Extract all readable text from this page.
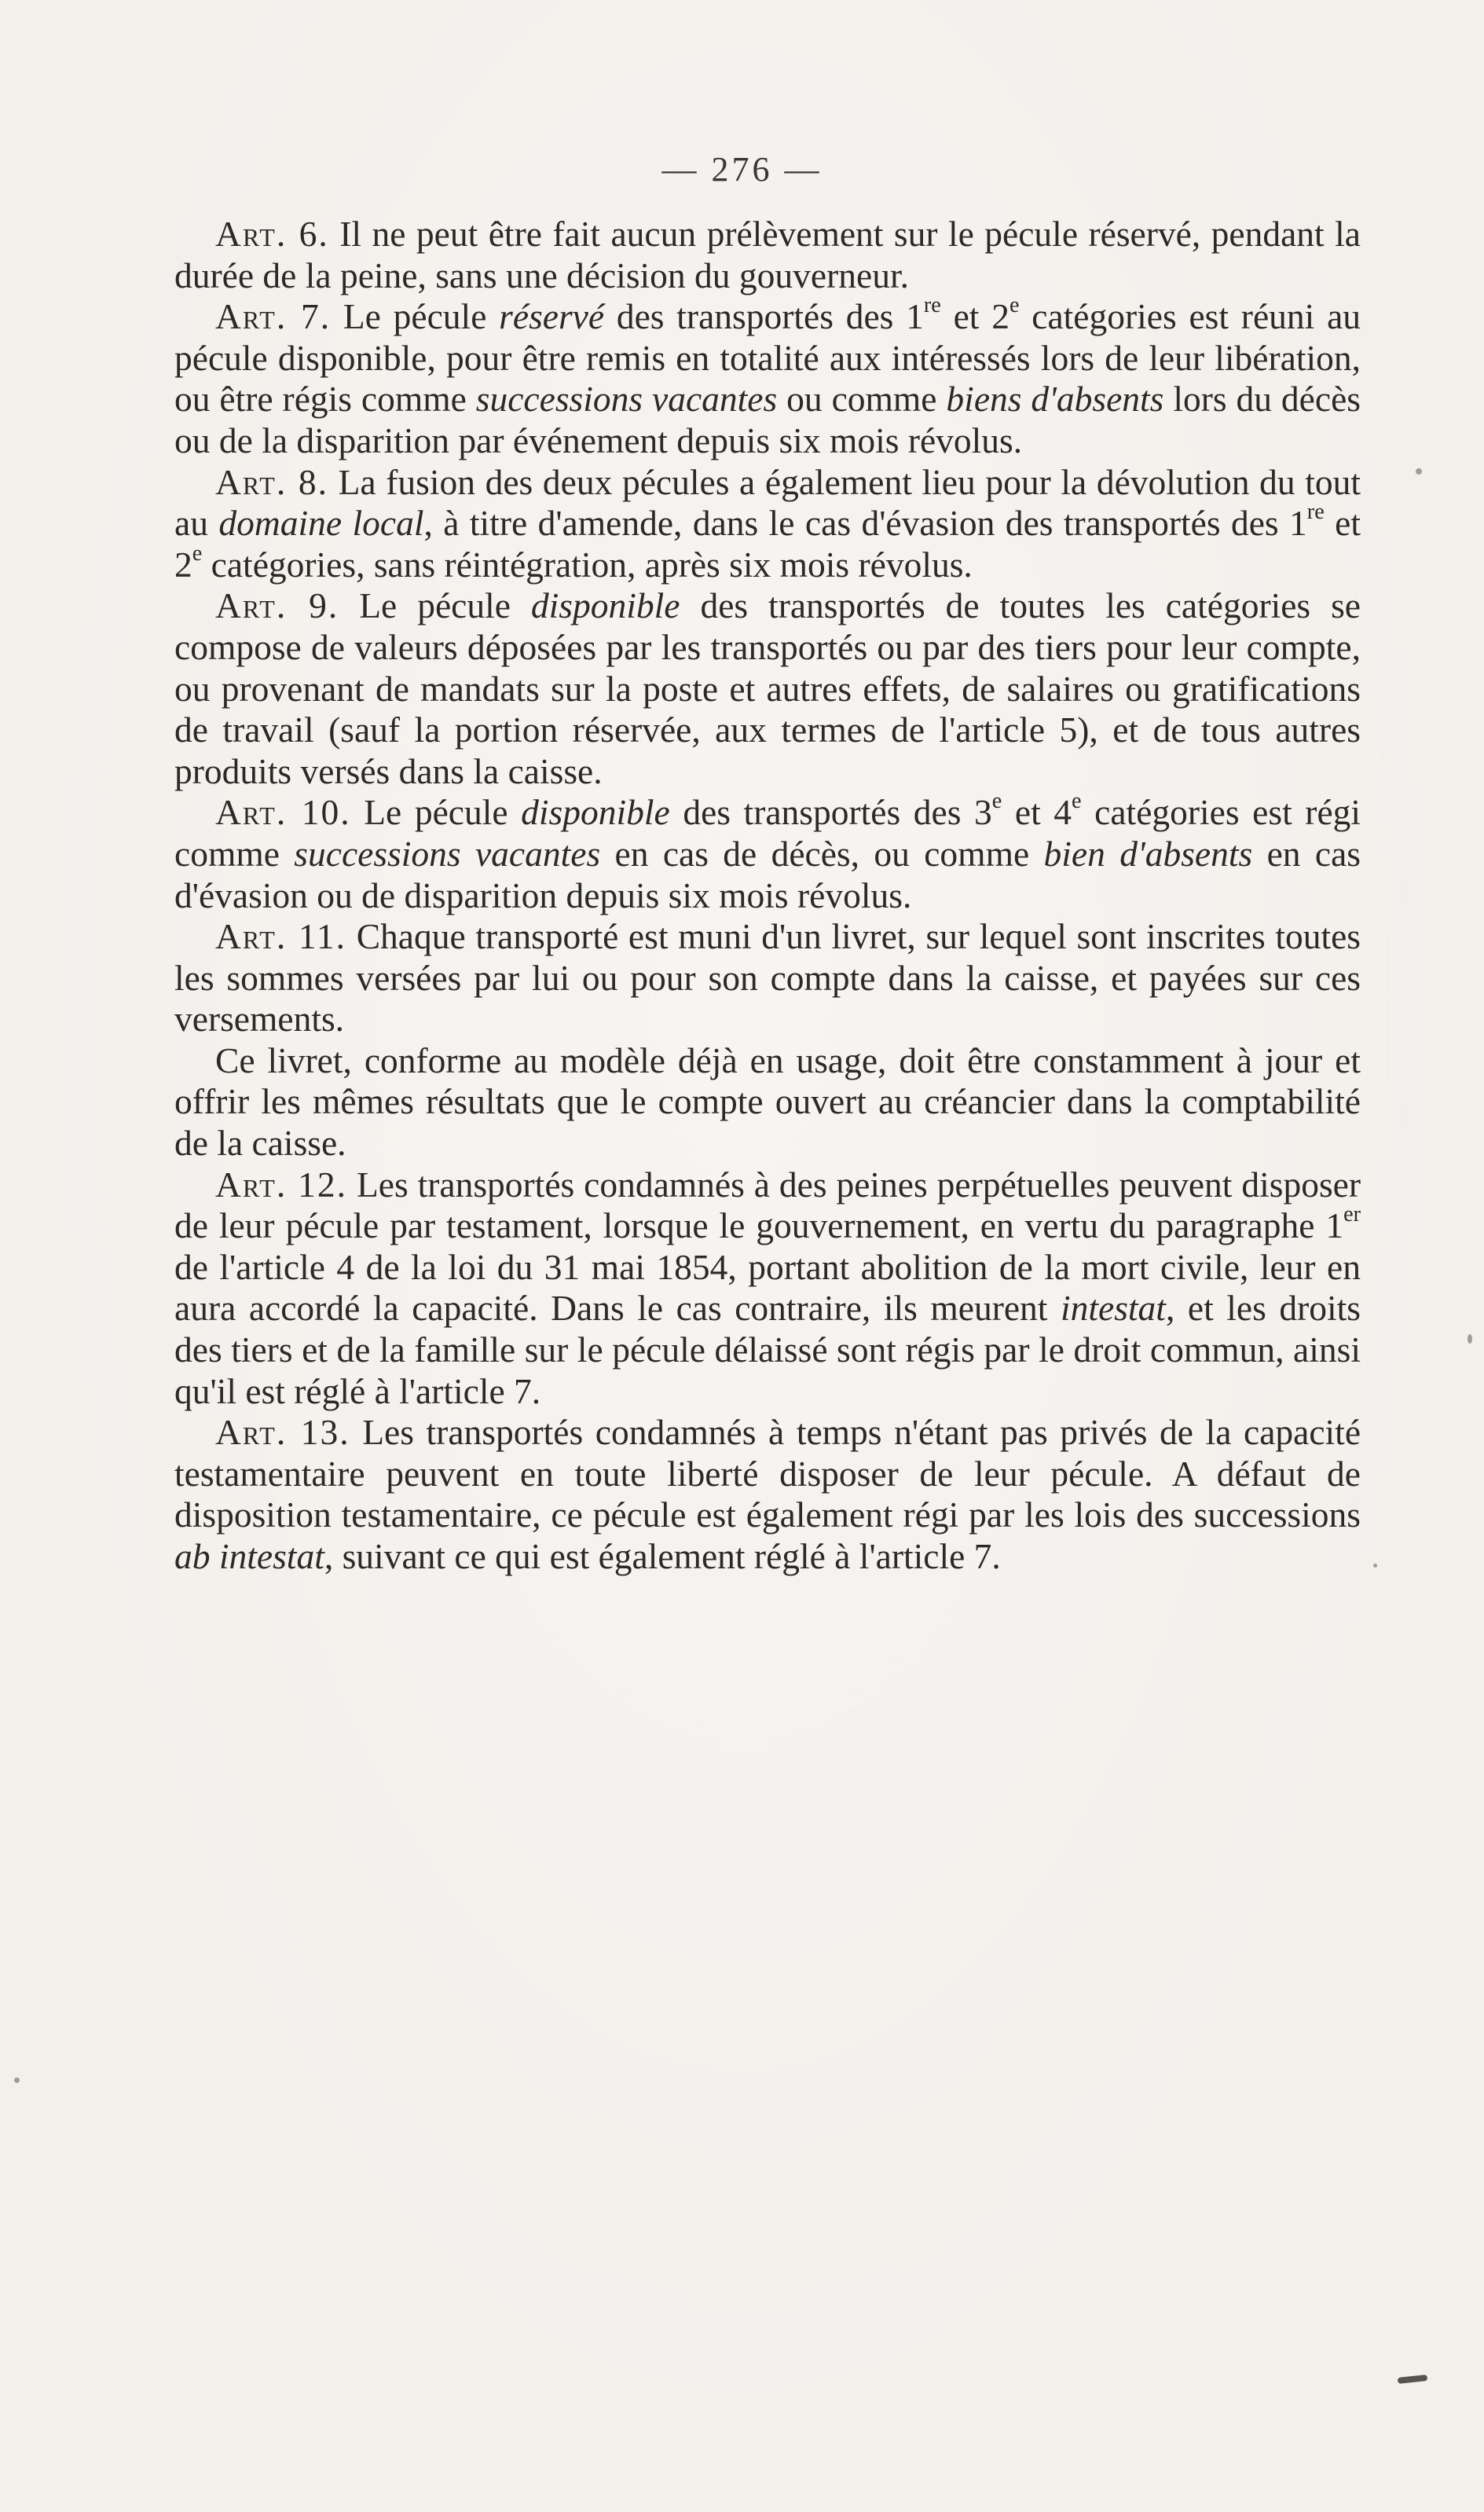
— 276 —

Art. 6. Il ne peut être fait aucun prélèvement sur le pécule réservé, pendant la durée de la peine, sans une décision du gouverneur.

Art. 7. Le pécule réservé des transportés des 1re et 2e catégories est réuni au pécule disponible, pour être remis en totalité aux intéressés lors de leur libération, ou être régis comme successions vacantes ou comme biens d'absents lors du décès ou de la disparition par événement depuis six mois révolus.

Art. 8. La fusion des deux pécules a également lieu pour la dévolution du tout au domaine local, à titre d'amende, dans le cas d'évasion des transportés des 1re et 2e catégories, sans réintégration, après six mois révolus.

Art. 9. Le pécule disponible des transportés de toutes les catégories se compose de valeurs déposées par les transportés ou par des tiers pour leur compte, ou provenant de mandats sur la poste et autres effets, de salaires ou gratifications de travail (sauf la portion réservée, aux termes de l'article 5), et de tous autres produits versés dans la caisse.

Art. 10. Le pécule disponible des transportés des 3e et 4e catégories est régi comme successions vacantes en cas de décès, ou comme bien d'absents en cas d'évasion ou de disparition depuis six mois révolus.

Art. 11. Chaque transporté est muni d'un livret, sur lequel sont inscrites toutes les sommes versées par lui ou pour son compte dans la caisse, et payées sur ces versements.

Ce livret, conforme au modèle déjà en usage, doit être constamment à jour et offrir les mêmes résultats que le compte ouvert au créancier dans la comptabilité de la caisse.

Art. 12. Les transportés condamnés à des peines perpétuelles peuvent disposer de leur pécule par testament, lorsque le gouvernement, en vertu du paragraphe 1er de l'article 4 de la loi du 31 mai 1854, portant abolition de la mort civile, leur en aura accordé la capacité. Dans le cas contraire, ils meurent intestat, et les droits des tiers et de la famille sur le pécule délaissé sont régis par le droit commun, ainsi qu'il est réglé à l'article 7.

Art. 13. Les transportés condamnés à temps n'étant pas privés de la capacité testamentaire peuvent en toute liberté disposer de leur pécule. A défaut de disposition testamentaire, ce pécule est également régi par les lois des successions ab intestat, suivant ce qui est également réglé à l'article 7.
